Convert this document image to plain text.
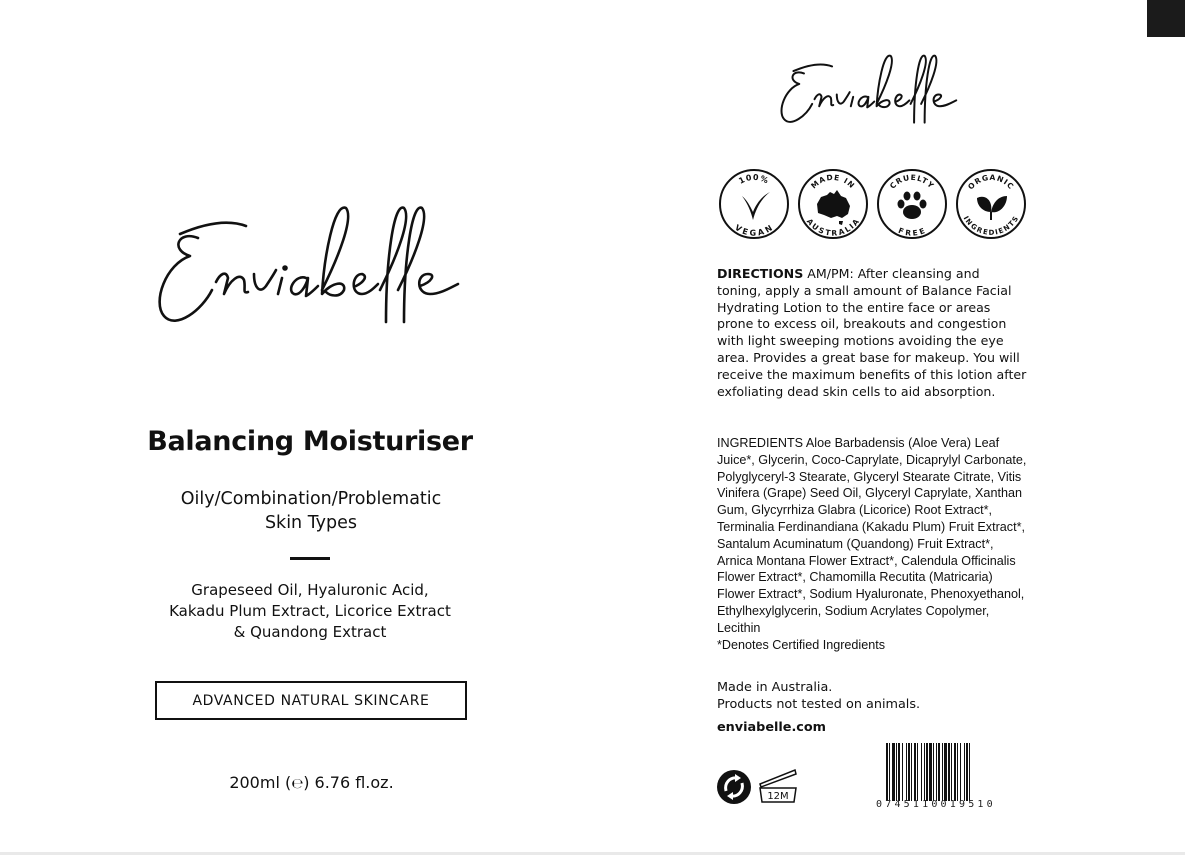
Balancing Moisturiser
Oily/Combination/Problematic
Skin Types
Grapeseed Oil, Hyaluronic Acid,
Kakadu Plum Extract, Licorice Extract
& Quandong Extract
ADVANCED NATURAL SKINCARE
200ml (℮) 6.76 fl.oz.
100%
VEGAN
MADE IN
AUSTRALIA
CRUELTY
FREE
ORGANIC
INGREDIENTS
DIRECTIONS AM/PM: After cleansing and toning, apply a small amount of Balance Facial Hydrating Lotion to the entire face or areas prone to excess oil, breakouts and congestion with light sweeping motions avoiding the eye area. Provides a great base for makeup. You will receive the maximum benefits of this lotion after exfoliating dead skin cells to aid absorption.
INGREDIENTS Aloe Barbadensis (Aloe Vera) Leaf Juice*, Glycerin, Coco-Caprylate, Dicaprylyl Carbonate, Polyglyceryl-3 Stearate, Glyceryl Stearate Citrate, Vitis Vinifera (Grape) Seed Oil, Glyceryl Caprylate, Xanthan Gum, Glycyrrhiza Glabra (Licorice) Root Extract*, Terminalia Ferdinandiana (Kakadu Plum) Fruit Extract*, Santalum Acuminatum (Quandong) Fruit Extract*, Arnica Montana Flower Extract*, Calendula Officinalis Flower Extract*, Chamomilla Recutita (Matricaria) Flower Extract*, Sodium Hyaluronate, Phenoxyethanol, Ethylhexylglycerin, Sodium Acrylates Copolymer, Lecithin
*Denotes Certified Ingredients
Made in Australia.
Products not tested on animals.
enviabelle.com
12M
0745110019510
